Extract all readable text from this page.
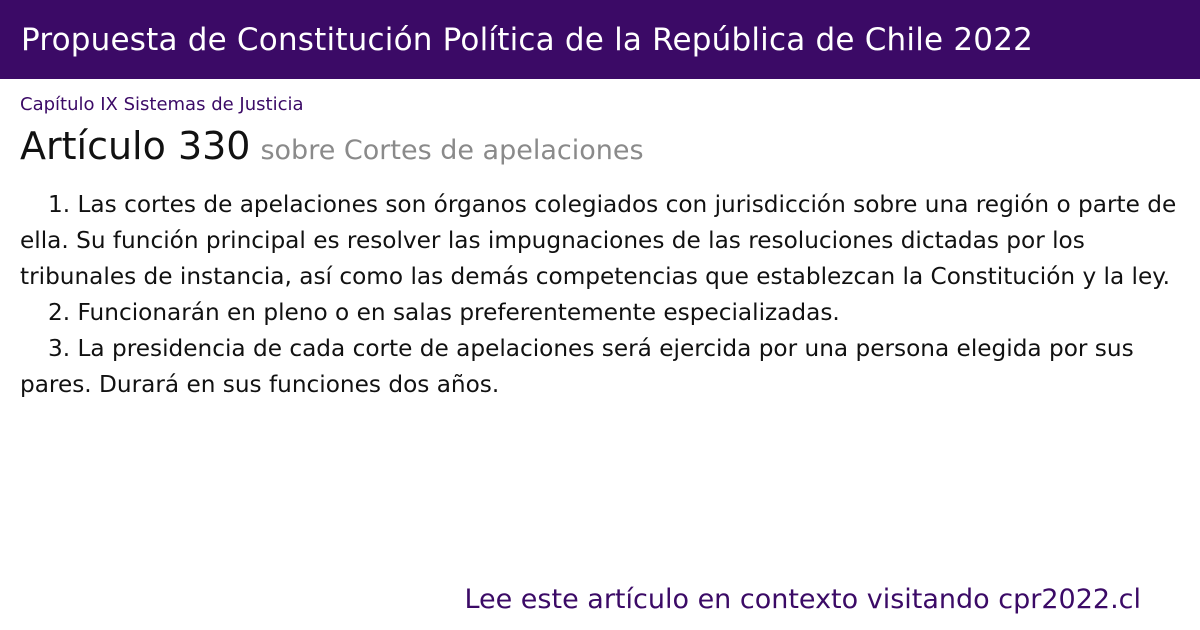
Propuesta de Constitución Política de la República de Chile 2022
Capítulo IX Sistemas de Justicia
Artículo 330 sobre Cortes de apelaciones

1. Las cortes de apelaciones son órganos colegiados con jurisdicción sobre una región o parte de ella. Su función principal es resolver las impugnaciones de las resoluciones dictadas por los tribunales de instancia, así como las demás competencias que establezcan la Constitución y la ley.

2. Funcionarán en pleno o en salas preferentemente especializadas.

3. La presidencia de cada corte de apelaciones será ejercida por una persona elegida por sus pares. Durará en sus funciones dos años.

Lee este artículo en contexto visitando cpr2022.cl
